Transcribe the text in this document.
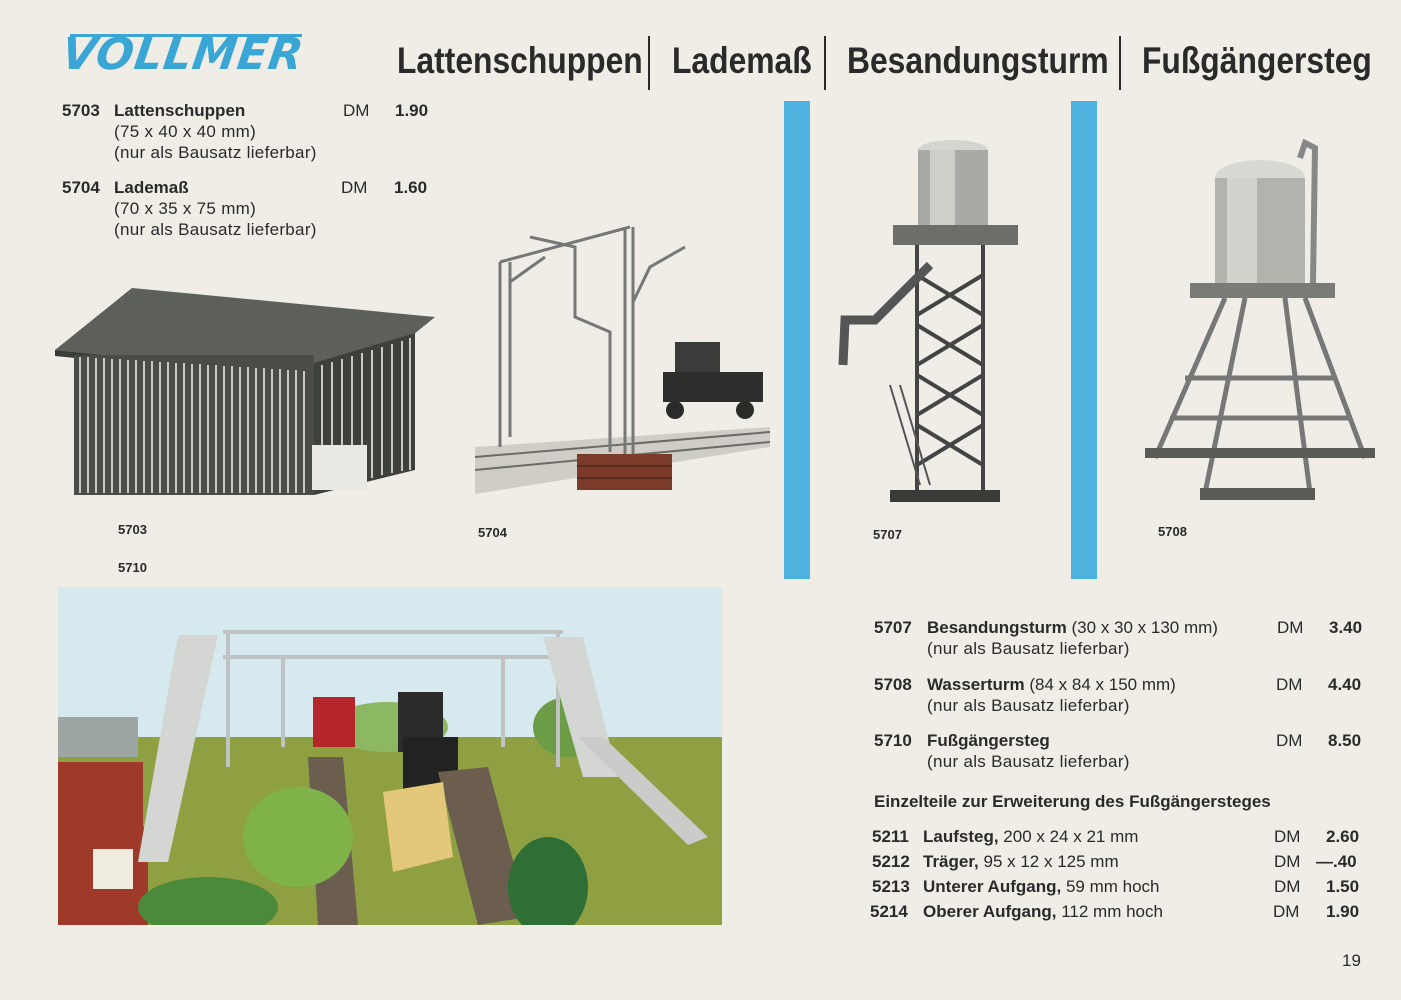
VOLLMER Lattenschuppen Lademaß Besandungsturm Fußgängersteg
5703 Lattenschuppen	DM 1.90
(75 x 40 x 40 mm)
(nur als Bausatz lieferbar)
5704 Lademaß	DM 1.60
(70 x 35 x 75 mm)
(nur als Bausatz lieferbar)
5703
5710
5704	5707	5708
5707 Besandungsturm (30 x 30 x 130 mm)	DM 3.40
(nur als Bausatz lieferbar)
5708 Wasserturm (84 x 84 x 150 mm)	DM 4.40
(nur als Bausatz lieferbar)
5710 Fußgängersteg	DM 8.50
(nur als Bausatz lieferbar)
Einzelteile zur Erweiterung des Fußgängersteges
5211 Laufsteg, 200 x 24 x 21 mm	DM 2.60
5212 Träger, 95 x 12 x 125 mm	DM —.40
5213 Unterer Aufgang, 59 mm hoch	DM 1.50
5214 Oberer Aufgang, 112 mm hoch	DM 1.90
19
